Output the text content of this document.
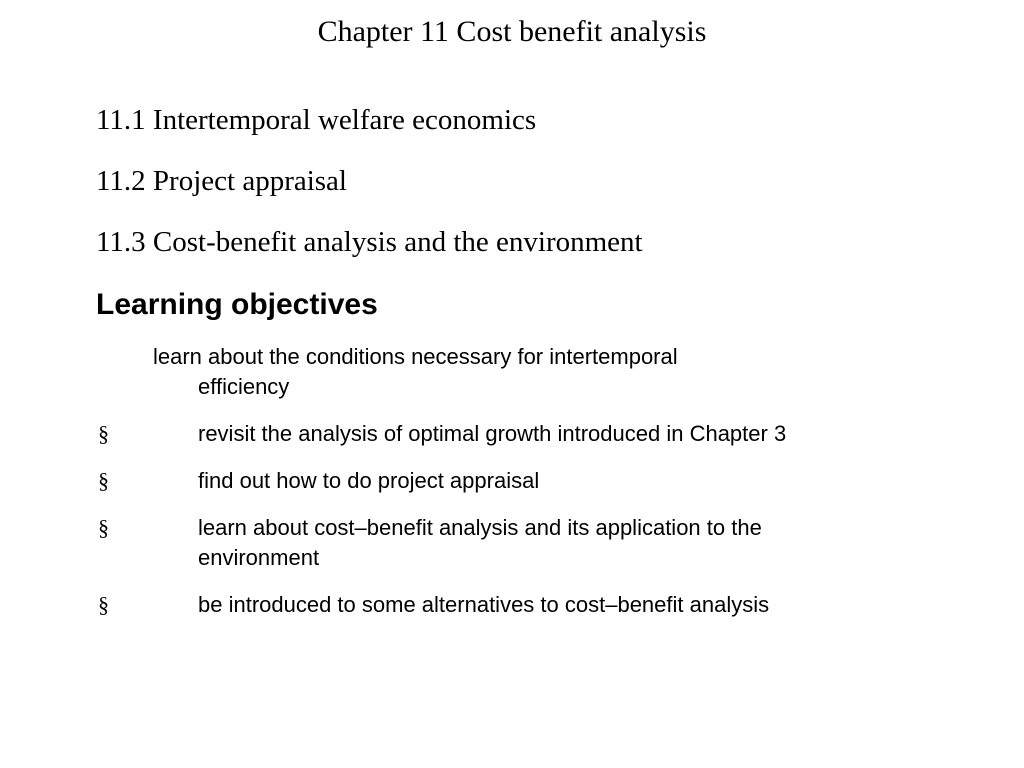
Chapter 11 Cost benefit analysis
11.1 Intertemporal welfare economics
11.2 Project appraisal
11.3 Cost-benefit analysis and the environment
Learning objectives
learn about the conditions necessary for intertemporal
efficiency
§	revisit the analysis of optimal growth introduced in Chapter 3
§	find out how to do project appraisal
§	learn about cost–benefit analysis and its application to the environment
§	be introduced to some alternatives to cost–benefit analysis
